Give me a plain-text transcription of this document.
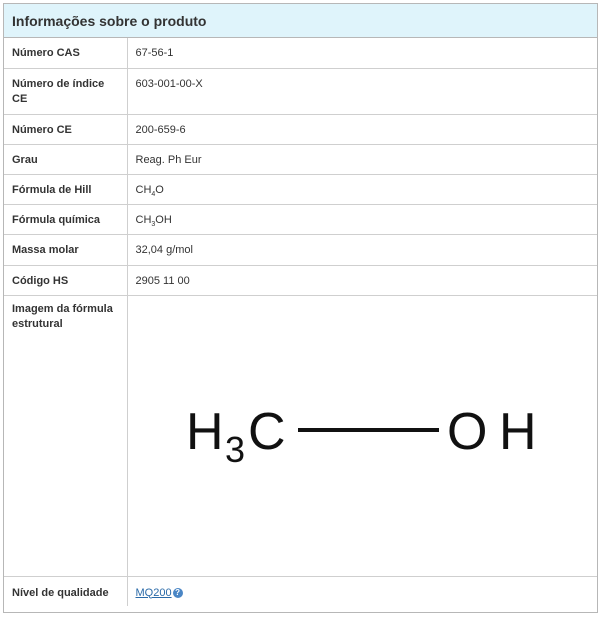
Informações sobre o produto
Número CAS	67-56-1
Número de índice CE	603-001-00-X
Número CE	200-659-6
Grau	Reag. Ph Eur
Fórmula de Hill	$CH_4O$
Fórmula química	$CH_3OH$
Massa molar	32,04 g/mol
Código HS	2905 11 00
Imagem da fórmula estrutural	H 3 C O H

Nível de qualidade	MQ200 ?
